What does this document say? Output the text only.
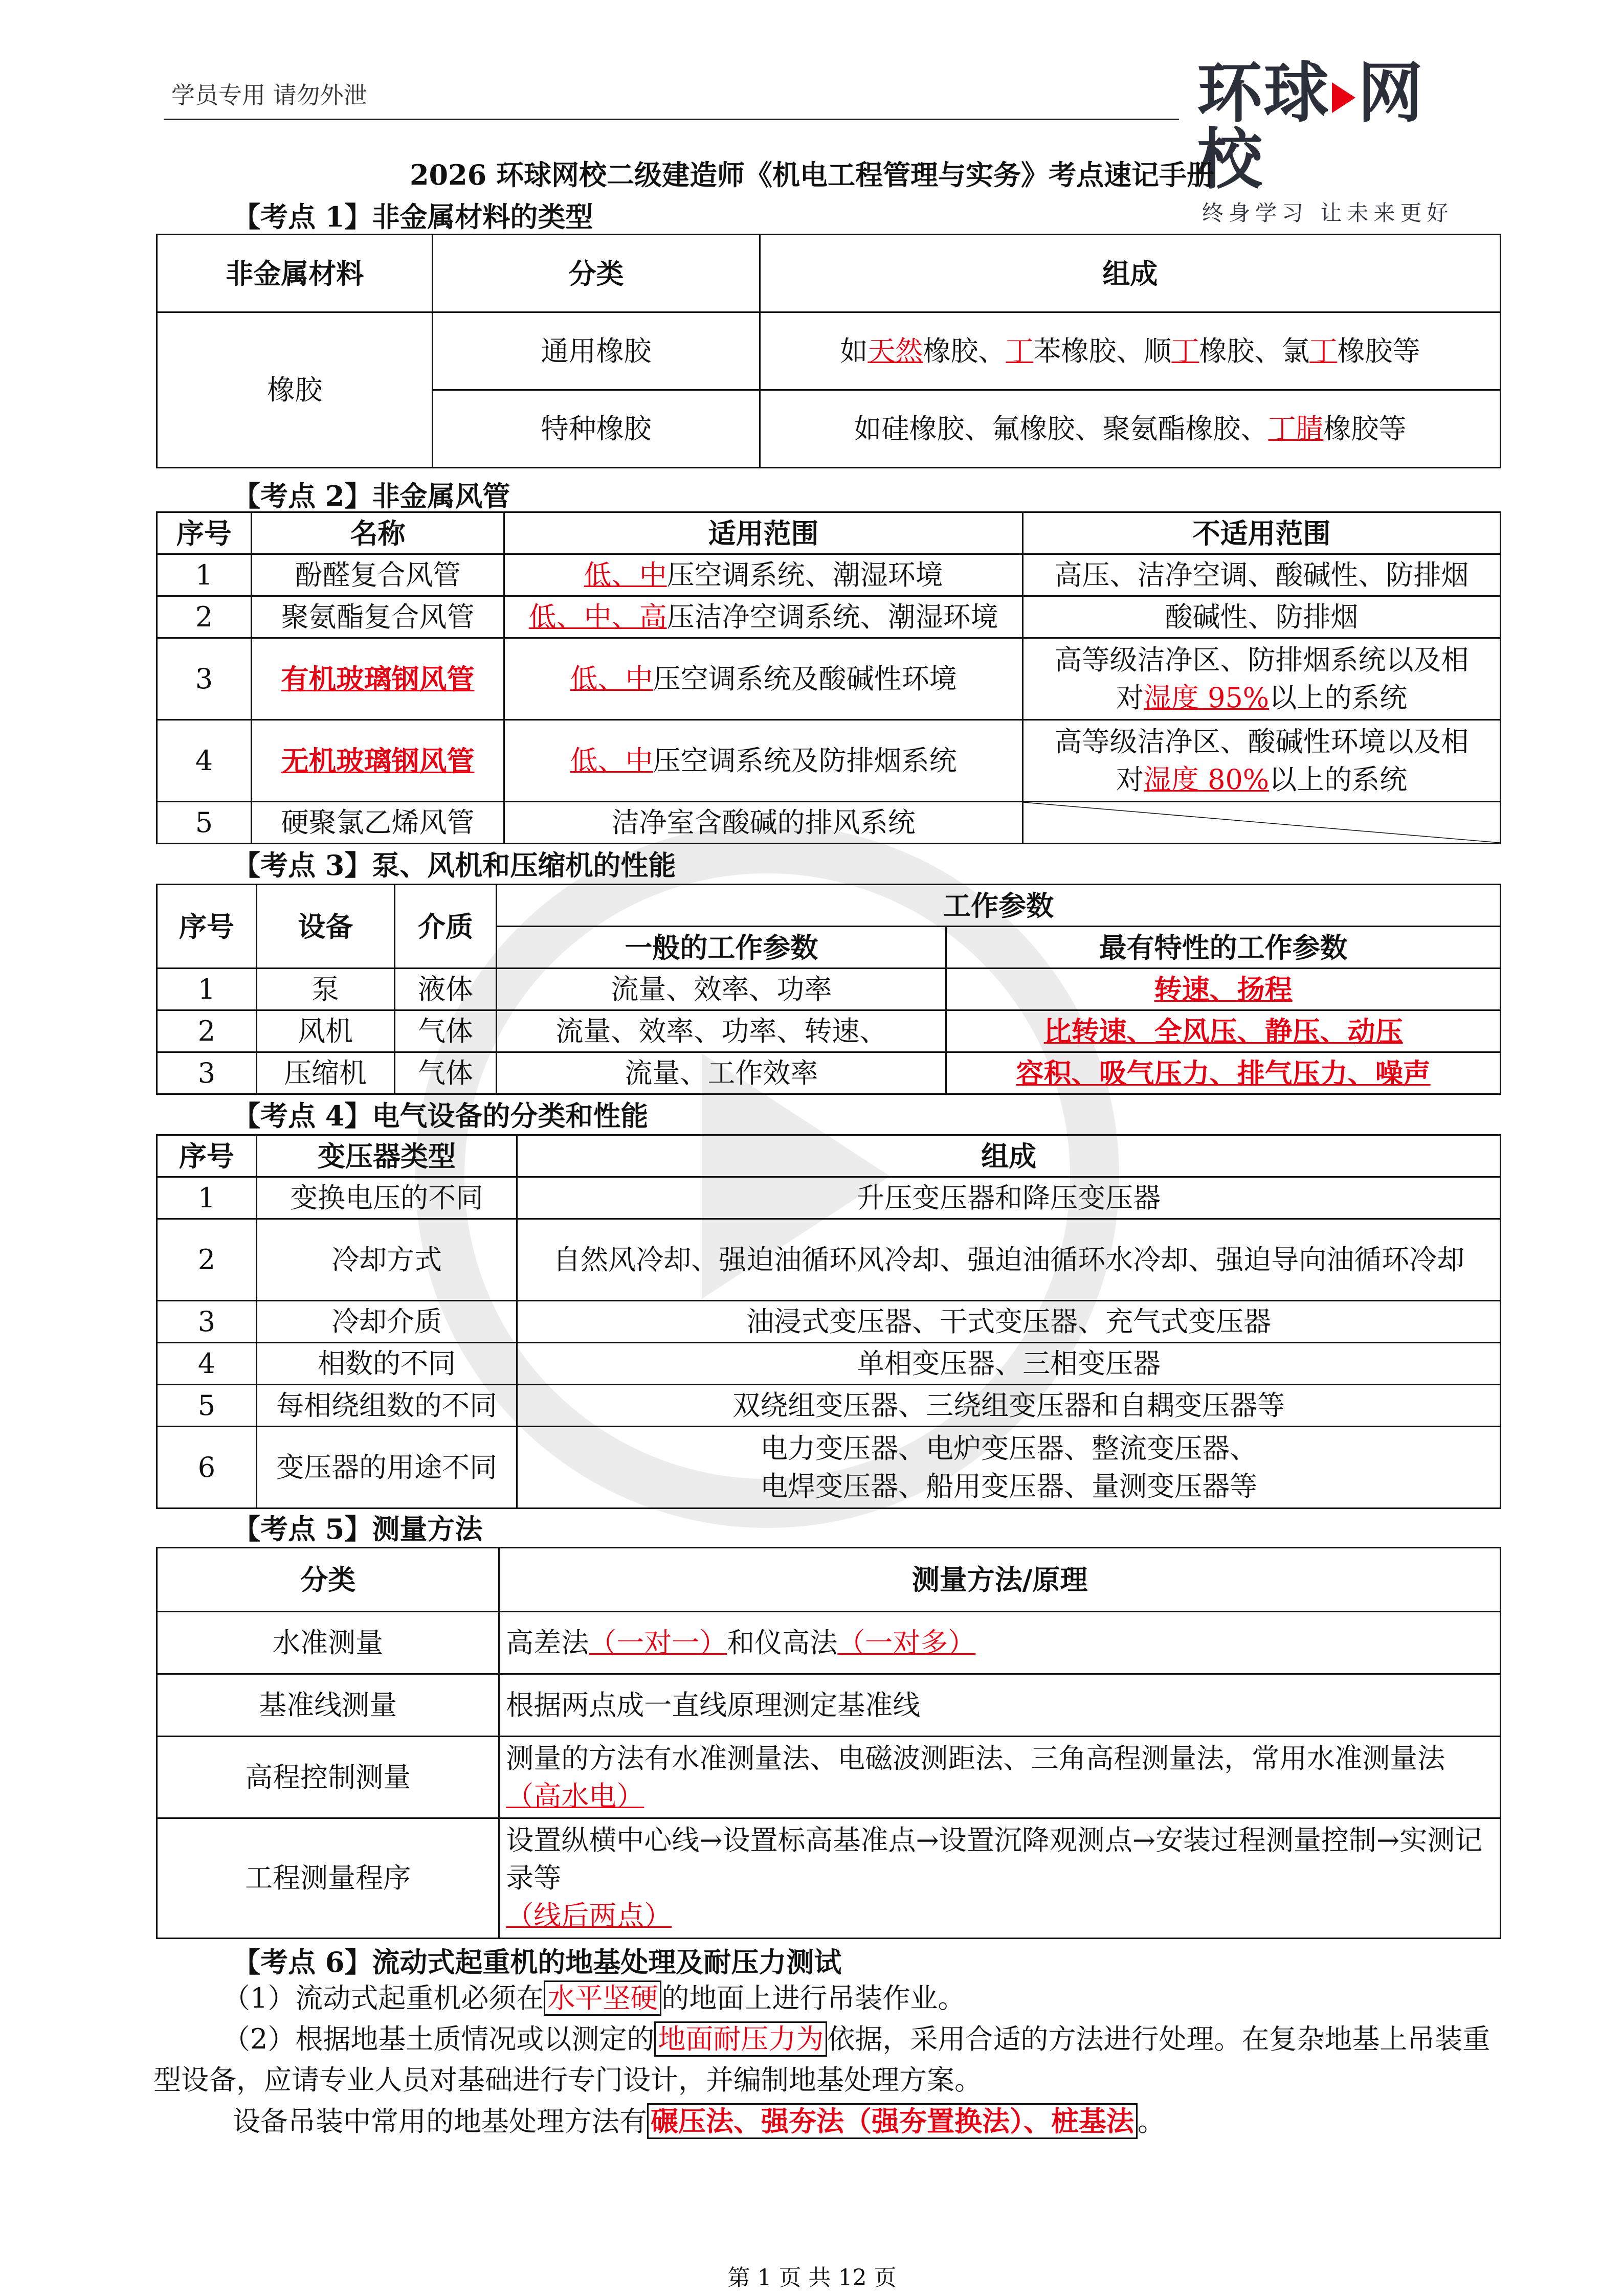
学员专用 请勿外泄	环球 网校
终身学习 让未来更好
2026 环球网校二级建造师《机电工程管理与实务》考点速记手册
【考点 1】非金属材料的类型
非金属材料	分类	组成
橡胶	通用橡胶	如天然橡胶、丁苯橡胶、顺丁橡胶、氯丁橡胶等
	特种橡胶	如硅橡胶、氟橡胶、聚氨酯橡胶、丁腈橡胶等
【考点 2】非金属风管
序号	名称	适用范围	不适用范围
1	酚醛复合风管	低、中压空调系统、潮湿环境	高压、洁净空调、酸碱性、防排烟
2	聚氨酯复合风管	低、中、高压洁净空调系统、潮湿环境	酸碱性、防排烟
3	有机玻璃钢风管	低、中压空调系统及酸碱性环境	高等级洁净区、防排烟系统以及相
对湿度 95%以上的系统

4	无机玻璃钢风管	低、中压空调系统及防排烟系统	高等级洁净区、酸碱性环境以及相
对湿度 80%以上的系统

5	硬聚氯乙烯风管	洁净室含酸碱的排风系统	
【考点 3】泵、风机和压缩机的性能
序号	设备	介质	工作参数	
			一般的工作参数	最有特性的工作参数
1	泵	液体	流量、效率、功率	转速、扬程
2	风机	气体	流量、效率、功率、转速、	比转速、全风压、静压、动压
3	压缩机	气体	流量、工作效率	容积、吸气压力、排气压力、噪声
【考点 4】电气设备的分类和性能
序号	变压器类型	组成
1	变换电压的不同	升压变压器和降压变压器
2	冷却方式	自然风冷却、强迫油循环风冷却、强迫油循环水冷却、强迫导向油循环冷却
3	冷却介质	油浸式变压器、干式变压器、充气式变压器
4	相数的不同	单相变压器、三相变压器
5	每相绕组数的不同	双绕组变压器、三绕组变压器和自耦变压器等
6	变压器的用途不同	电力变压器、电炉变压器、整流变压器、
电焊变压器、船用变压器、量测变压器等
【考点 5】测量方法
分类	测量方法/原理
水准测量	高差法（一对一）和仪高法（一对多）
基准线测量	根据两点成一直线原理测定基准线
高程控制测量	测量的方法有水准测量法、电磁波测距法、三角高程测量法，常用水准测量法（高水电）
工程测量程序	设置纵横中心线→设置标高基准点→设置沉降观测点→安装过程测量控制→实测记录等
（线后两点）
【考点 6】流动式起重机的地基处理及耐压力测试
（1）流动式起重机必须在 水平坚硬 的地面上进行吊装作业。
（2）根据地基土质情况或以测定的 地面耐压力为 依据，采用合适的方法进行处理。在复杂地基上吊装重型设备，应请专业人员对基础进行专门设计，并编制地基处理方案。
设备吊装中常用的地基处理方法有 碾压法、强夯法（强夯置换法）、桩基法 。
第 1 页 共 12 页
